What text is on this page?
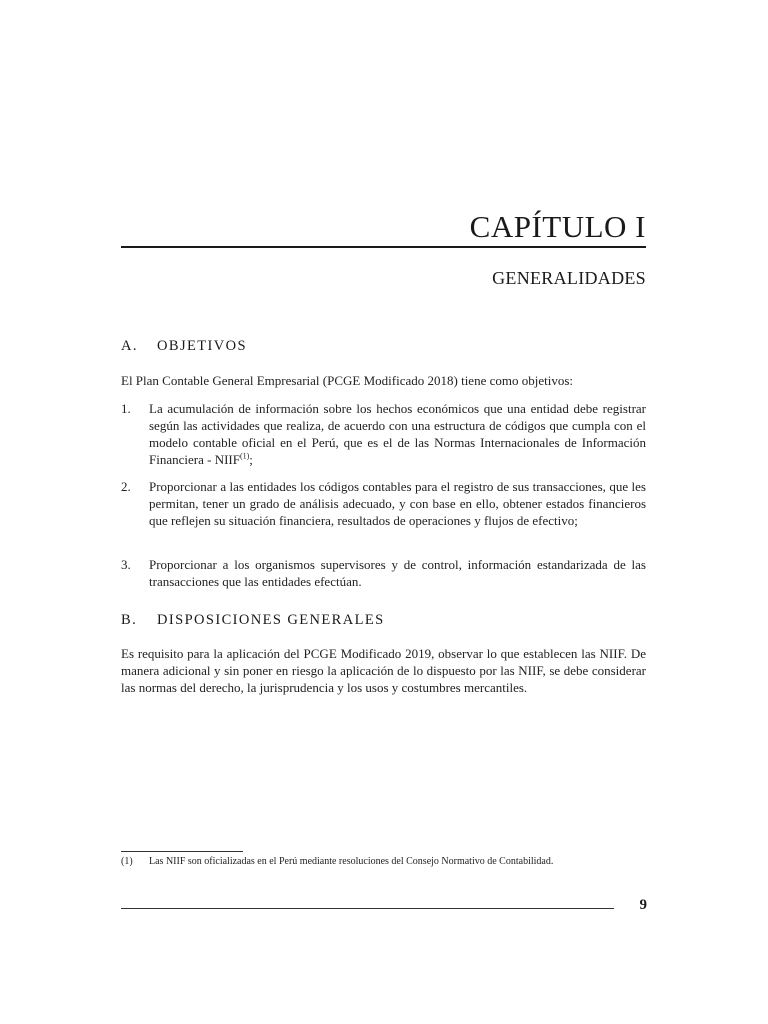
CAPÍTULO I
GENERALIDADES
A. OBJETIVOS

El Plan Contable General Empresarial (PCGE Modificado 2018) tiene como objetivos:

1.	La acumulación de información sobre los hechos económicos que una entidad debe registrar según las actividades que realiza, de acuerdo con una estructura de códigos que cumpla con el modelo contable oficial en el Perú, que es el de las Normas Internacionales de Información Financiera - NIIF$^{(1)}$;
2.	Proporcionar a las entidades los códigos contables para el registro de sus transacciones, que les permitan, tener un grado de análisis adecuado, y con base en ello, obtener estados financieros que reflejen su situación financiera, resultados de operaciones y flujos de efectivo;
3.	Proporcionar a los organismos supervisores y de control, información estandarizada de las transacciones que las entidades efectúan.
B. DISPOSICIONES GENERALES

Es requisito para la aplicación del PCGE Modificado 2019, observar lo que establecen las NIIF. De manera adicional y sin poner en riesgo la aplicación de lo dispuesto por las NIIF, se debe considerar las normas del derecho, la jurisprudencia y los usos y costumbres mercantiles.

(1) Las NIIF son oficializadas en el Perú mediante resoluciones del Consejo Normativo de Contabilidad.
9
